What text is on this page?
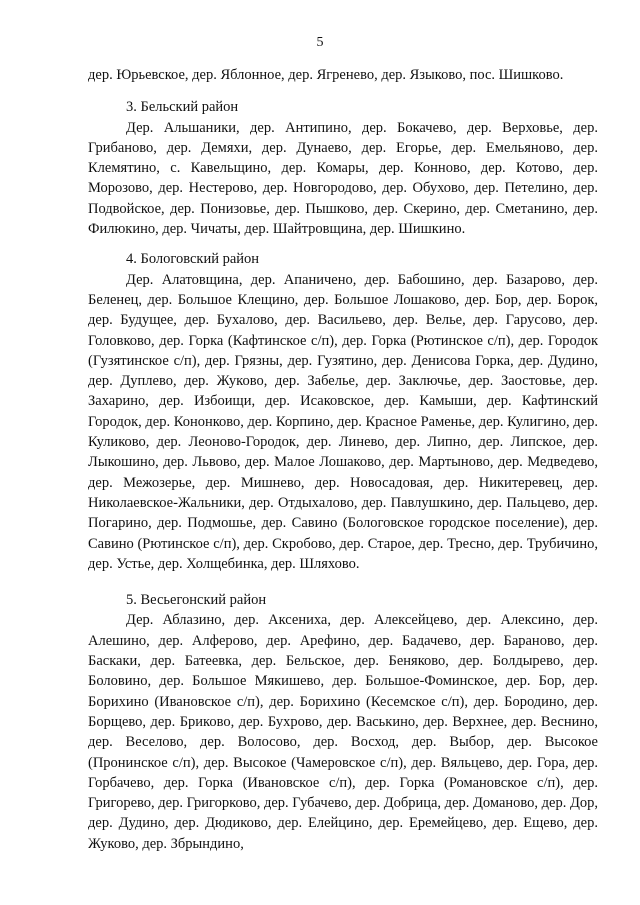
5

дер. Юрьевское, дер. Яблонное, дер. Ягренево, дер. Языково, пос. Шишково.

3. Бельский район

Дер. Альшаники, дер. Антипино, дер. Бокачево, дер. Верховье, дер. Грибаново, дер. Демяхи, дер. Дунаево, дер. Егорье, дер. Емельяново, дер. Клемятино, с. Кавельщино, дер. Комары, дер. Конново, дер. Котово, дер. Морозово, дер. Нестерово, дер. Новгородово, дер. Обухово, дер. Петелино, дер. Подвойское, дер. Понизовье, дер. Пышково, дер. Скерино, дер. Сметанино, дер. Филюкино, дер. Чичаты, дер. Шайтровщина, дер. Шишкино.

4. Бологовский район

Дер. Алатовщина, дер. Апаничено, дер. Бабошино, дер. Базарово, дер. Беленец, дер. Большое Клещино, дер. Большое Лошаково, дер. Бор, дер. Борок, дер. Будущее, дер. Бухалово, дер. Васильево, дер. Велье, дер. Гарусово, дер. Головково, дер. Горка (Кафтинское с/п), дер. Горка (Рютинское с/п), дер. Городок (Гузятинское с/п), дер. Грязны, дер. Гузятино, дер. Денисова Горка, дер. Дудино, дер. Дуплево, дер. Жуково, дер. Забелье, дер. Заключье, дер. Заостовье, дер. Захарино, дер. Избоищи, дер. Исаковское, дер. Камыши, дер. Кафтинский Городок, дер. Кононково, дер. Корпино, дер. Красное Раменье, дер. Кулигино, дер. Куликово, дер. Леоново-Городок, дер. Линево, дер. Липно, дер. Липское, дер. Лыкошино, дер. Львово, дер. Малое Лошаково, дер. Мартыново, дер. Медведево, дер. Межозерье, дер. Мишнево, дер. Новосадовая, дер. Никитеревец, дер. Николаевское-Жальники, дер. Отдыхалово, дер. Павлушкино, дер. Пальцево, дер. Погарино, дер. Подмошье, дер. Савино (Бологовское городское поселение), дер. Савино (Рютинское с/п), дер. Скробово, дер. Старое, дер. Тресно, дер. Трубичино, дер. Устье, дер. Холщебинка, дер. Шляхово.

5. Весьегонский район

Дер. Аблазино, дер. Аксениха, дер. Алексейцево, дер. Алексино, дер. Алешино, дер. Алферово, дер. Арефино, дер. Бадачево, дер. Бараново, дер. Баскаки, дер. Батеевка, дер. Бельское, дер. Беняково, дер. Болдырево, дер. Боловино, дер. Большое Мякишево, дер. Большое-Фоминское, дер. Бор, дер. Борихино (Ивановское с/п), дер. Борихино (Кесемское с/п), дер. Бородино, дер. Борщево, дер. Бриково, дер. Бухрово, дер. Васькино, дер. Верхнее, дер. Веснино, дер. Веселово, дер. Волосово, дер. Восход, дер. Выбор, дер. Высокое (Пронинское с/п), дер. Высокое (Чамеровское с/п), дер. Вяльцево, дер. Гора, дер. Горбачево, дер. Горка (Ивановское с/п), дер. Горка (Романовское с/п), дер. Григорево, дер. Григорково, дер. Губачево, дер. Добрица, дер. Доманово, дер. Дор, дер. Дудино, дер. Дюдиково, дер. Елейцино, дер. Еремейцево, дер. Ещево, дер. Жуково, дер. Збрындино,
